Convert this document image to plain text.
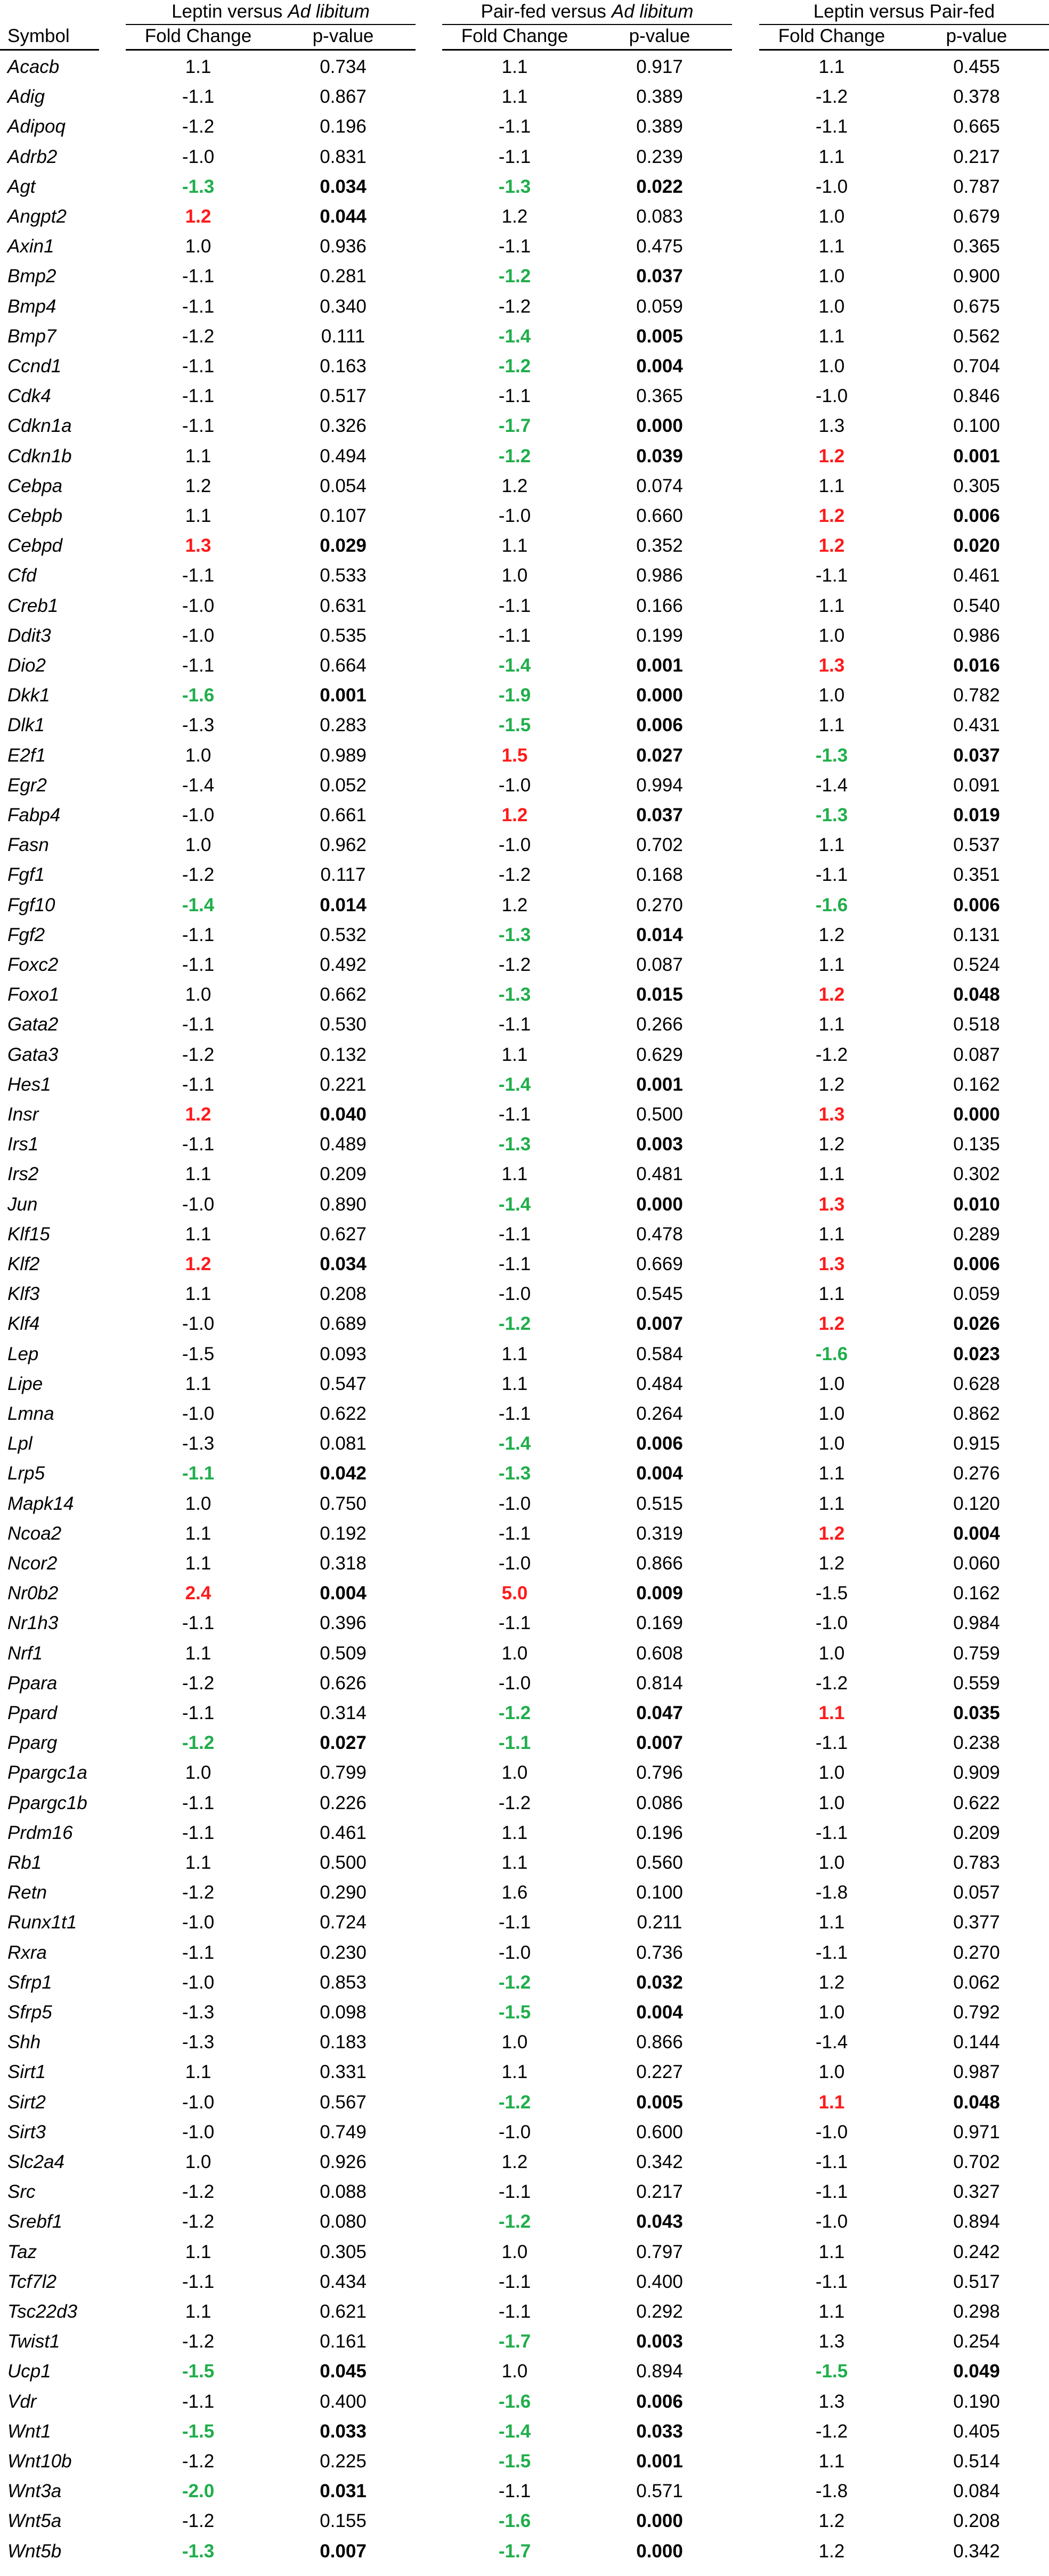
Leptin versus Ad libitum	Pair-fed versus Ad libitum	Leptin versus Pair-fed
Symbol	Fold Change	p-value	Fold Change	p-value	Fold Change	p-value
Acacb	1.1	0.734	1.1	0.917	1.1	0.455
Adig	-1.1	0.867	1.1	0.389	-1.2	0.378
Adipoq	-1.2	0.196	-1.1	0.389	-1.1	0.665
Adrb2	-1.0	0.831	-1.1	0.239	1.1	0.217
Agt	-1.3	0.034	-1.3	0.022	-1.0	0.787
Angpt2	1.2	0.044	1.2	0.083	1.0	0.679
Axin1	1.0	0.936	-1.1	0.475	1.1	0.365
Bmp2	-1.1	0.281	-1.2	0.037	1.0	0.900
Bmp4	-1.1	0.340	-1.2	0.059	1.0	0.675
Bmp7	-1.2	0.111	-1.4	0.005	1.1	0.562
Ccnd1	-1.1	0.163	-1.2	0.004	1.0	0.704
Cdk4	-1.1	0.517	-1.1	0.365	-1.0	0.846
Cdkn1a	-1.1	0.326	-1.7	0.000	1.3	0.100
Cdkn1b	1.1	0.494	-1.2	0.039	1.2	0.001
Cebpa	1.2	0.054	1.2	0.074	1.1	0.305
Cebpb	1.1	0.107	-1.0	0.660	1.2	0.006
Cebpd	1.3	0.029	1.1	0.352	1.2	0.020
Cfd	-1.1	0.533	1.0	0.986	-1.1	0.461
Creb1	-1.0	0.631	-1.1	0.166	1.1	0.540
Ddit3	-1.0	0.535	-1.1	0.199	1.0	0.986
Dio2	-1.1	0.664	-1.4	0.001	1.3	0.016
Dkk1	-1.6	0.001	-1.9	0.000	1.0	0.782
Dlk1	-1.3	0.283	-1.5	0.006	1.1	0.431
E2f1	1.0	0.989	1.5	0.027	-1.3	0.037
Egr2	-1.4	0.052	-1.0	0.994	-1.4	0.091
Fabp4	-1.0	0.661	1.2	0.037	-1.3	0.019
Fasn	1.0	0.962	-1.0	0.702	1.1	0.537
Fgf1	-1.2	0.117	-1.2	0.168	-1.1	0.351
Fgf10	-1.4	0.014	1.2	0.270	-1.6	0.006
Fgf2	-1.1	0.532	-1.3	0.014	1.2	0.131
Foxc2	-1.1	0.492	-1.2	0.087	1.1	0.524
Foxo1	1.0	0.662	-1.3	0.015	1.2	0.048
Gata2	-1.1	0.530	-1.1	0.266	1.1	0.518
Gata3	-1.2	0.132	1.1	0.629	-1.2	0.087
Hes1	-1.1	0.221	-1.4	0.001	1.2	0.162
Insr	1.2	0.040	-1.1	0.500	1.3	0.000
Irs1	-1.1	0.489	-1.3	0.003	1.2	0.135
Irs2	1.1	0.209	1.1	0.481	1.1	0.302
Jun	-1.0	0.890	-1.4	0.000	1.3	0.010
Klf15	1.1	0.627	-1.1	0.478	1.1	0.289
Klf2	1.2	0.034	-1.1	0.669	1.3	0.006
Klf3	1.1	0.208	-1.0	0.545	1.1	0.059
Klf4	-1.0	0.689	-1.2	0.007	1.2	0.026
Lep	-1.5	0.093	1.1	0.584	-1.6	0.023
Lipe	1.1	0.547	1.1	0.484	1.0	0.628
Lmna	-1.0	0.622	-1.1	0.264	1.0	0.862
Lpl	-1.3	0.081	-1.4	0.006	1.0	0.915
Lrp5	-1.1	0.042	-1.3	0.004	1.1	0.276
Mapk14	1.0	0.750	-1.0	0.515	1.1	0.120
Ncoa2	1.1	0.192	-1.1	0.319	1.2	0.004
Ncor2	1.1	0.318	-1.0	0.866	1.2	0.060
Nr0b2	2.4	0.004	5.0	0.009	-1.5	0.162
Nr1h3	-1.1	0.396	-1.1	0.169	-1.0	0.984
Nrf1	1.1	0.509	1.0	0.608	1.0	0.759
Ppara	-1.2	0.626	-1.0	0.814	-1.2	0.559
Ppard	-1.1	0.314	-1.2	0.047	1.1	0.035
Pparg	-1.2	0.027	-1.1	0.007	-1.1	0.238
Ppargc1a	1.0	0.799	1.0	0.796	1.0	0.909
Ppargc1b	-1.1	0.226	-1.2	0.086	1.0	0.622
Prdm16	-1.1	0.461	1.1	0.196	-1.1	0.209
Rb1	1.1	0.500	1.1	0.560	1.0	0.783
Retn	-1.2	0.290	1.6	0.100	-1.8	0.057
Runx1t1	-1.0	0.724	-1.1	0.211	1.1	0.377
Rxra	-1.1	0.230	-1.0	0.736	-1.1	0.270
Sfrp1	-1.0	0.853	-1.2	0.032	1.2	0.062
Sfrp5	-1.3	0.098	-1.5	0.004	1.0	0.792
Shh	-1.3	0.183	1.0	0.866	-1.4	0.144
Sirt1	1.1	0.331	1.1	0.227	1.0	0.987
Sirt2	-1.0	0.567	-1.2	0.005	1.1	0.048
Sirt3	-1.0	0.749	-1.0	0.600	-1.0	0.971
Slc2a4	1.0	0.926	1.2	0.342	-1.1	0.702
Src	-1.2	0.088	-1.1	0.217	-1.1	0.327
Srebf1	-1.2	0.080	-1.2	0.043	-1.0	0.894
Taz	1.1	0.305	1.0	0.797	1.1	0.242
Tcf7l2	-1.1	0.434	-1.1	0.400	-1.1	0.517
Tsc22d3	1.1	0.621	-1.1	0.292	1.1	0.298
Twist1	-1.2	0.161	-1.7	0.003	1.3	0.254
Ucp1	-1.5	0.045	1.0	0.894	-1.5	0.049
Vdr	-1.1	0.400	-1.6	0.006	1.3	0.190
Wnt1	-1.5	0.033	-1.4	0.033	-1.2	0.405
Wnt10b	-1.2	0.225	-1.5	0.001	1.1	0.514
Wnt3a	-2.0	0.031	-1.1	0.571	-1.8	0.084
Wnt5a	-1.2	0.155	-1.6	0.000	1.2	0.208
Wnt5b	-1.3	0.007	-1.7	0.000	1.2	0.342
